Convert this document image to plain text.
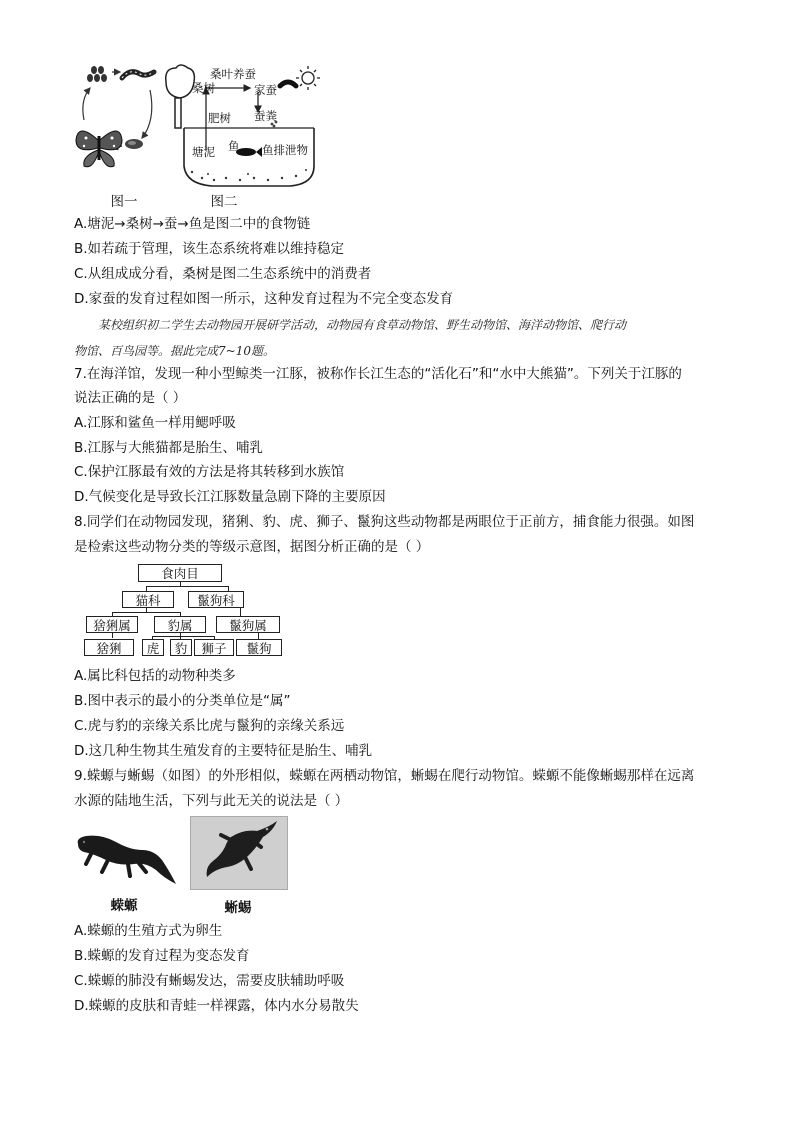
图一
桑叶养蚕
桑树	家蚕
肥树 蚕粪
塘泥 鱼 鱼排泄物
图二
A.塘泥→桑树→蚕→鱼是图二中的食物链
B.如若疏于管理，该生态系统将难以维持稳定
C.从组成成分看，桑树是图二生态系统中的消费者
D.家蚕的发育过程如图一所示，这种发育过程为不完全变态发育
某校组织初二学生去动物园开展研学活动，动物园有食草动物馆、野生动物馆、海洋动物馆、爬行动
物馆、百鸟园等。据此完成7~10题。
7.在海洋馆，发现一种小型鲸类一江豚，被称作长江生态的“活化石”和“水中大熊猫”。下列关于江豚的
说法正确的是（ ）
A.江豚和鲨鱼一样用鳃呼吸
B.江豚与大熊猫都是胎生、哺乳
C.保护江豚最有效的方法是将其转移到水族馆
D.气候变化是导致长江江豚数量急剧下降的主要原因
8.同学们在动物园发现，猪猁、豹、虎、狮子、鬣狗这些动物都是两眼位于正前方，捕食能力很强。如图
是检索这些动物分类的等级示意图，据图分析正确的是（ ）
食肉目
猫科	鬣狗科
猞猁属	豹属	鬣狗属
猞猁	虎	豹	狮子	鬣狗
A.属比科包括的动物种类多
B.图中表示的最小的分类单位是“属”
C.虎与豹的亲缘关系比虎与鬣狗的亲缘关系远
D.这几种生物其生殖发育的主要特征是胎生、哺乳
9.蝾螈与蜥蜴（如图）的外形相似，蝾螈在两栖动物馆，蜥蜴在爬行动物馆。蝾螈不能像蜥蜴那样在远离
水源的陆地生活，下列与此无关的说法是（ ）
蝾螈	蜥蜴
A.蝾螈的生殖方式为卵生
B.蝾螈的发育过程为变态发育
C.蝾螈的肺没有蜥蜴发达，需要皮肤辅助呼吸
D.蝾螈的皮肤和青蛙一样裸露，体内水分易散失
